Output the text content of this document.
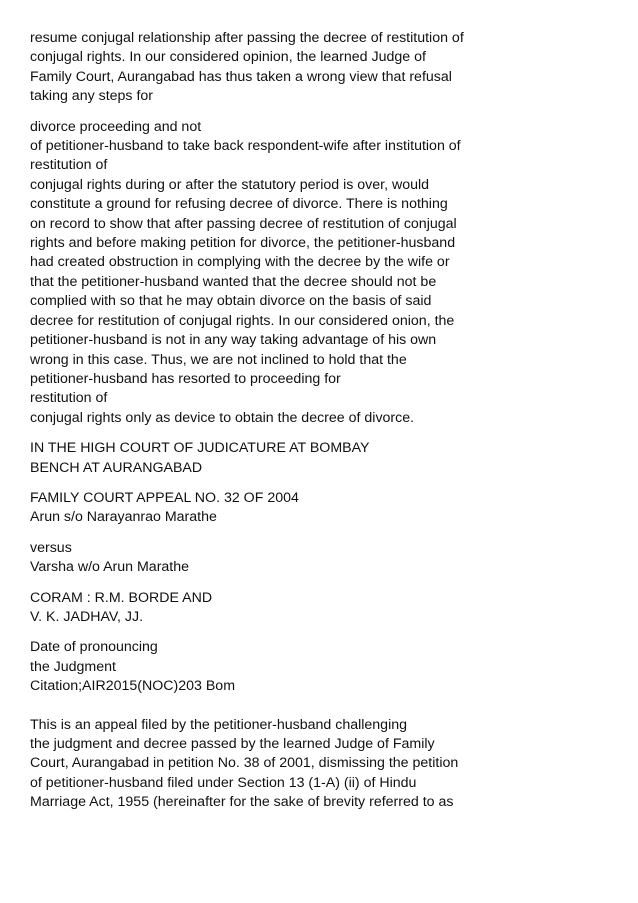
resume conjugal relationship after passing the decree of restitution of
conjugal rights. In our considered opinion, the learned Judge of
Family Court, Aurangabad has thus taken a wrong view that refusal
taking any steps for
divorce proceeding and not
of petitioner-husband to take back respondent-wife after institution of
restitution of
conjugal rights during or after the statutory period is over, would
constitute a ground for refusing decree of divorce. There is nothing
on record to show that after passing decree of restitution of conjugal
rights and before making petition for divorce, the petitioner-husband
had created obstruction in complying with the decree by the wife or
that the petitioner-husband wanted that the decree should not be
complied with so that he may obtain divorce on the basis of said
decree for restitution of conjugal rights. In our considered onion, the
petitioner-husband is not in any way taking advantage of his own
wrong in this case. Thus, we are not inclined to hold that the
petitioner-husband has resorted to proceeding for
restitution of
conjugal rights only as device to obtain the decree of divorce.
IN THE HIGH COURT OF JUDICATURE AT BOMBAY
BENCH AT AURANGABAD
FAMILY COURT APPEAL NO. 32 OF 2004
Arun s/o Narayanrao Marathe
versus
Varsha w/o Arun Marathe
CORAM : R.M. BORDE AND
V. K. JADHAV, JJ.
Date of pronouncing
the Judgment
Citation;AIR2015(NOC)203 Bom
This is an appeal filed by the petitioner-husband challenging
the judgment and decree passed by the learned Judge of Family
Court, Aurangabad in petition No. 38 of 2001, dismissing the petition
of petitioner-husband filed under Section 13 (1-A) (ii) of Hindu
Marriage Act, 1955 (hereinafter for the sake of brevity referred to as
